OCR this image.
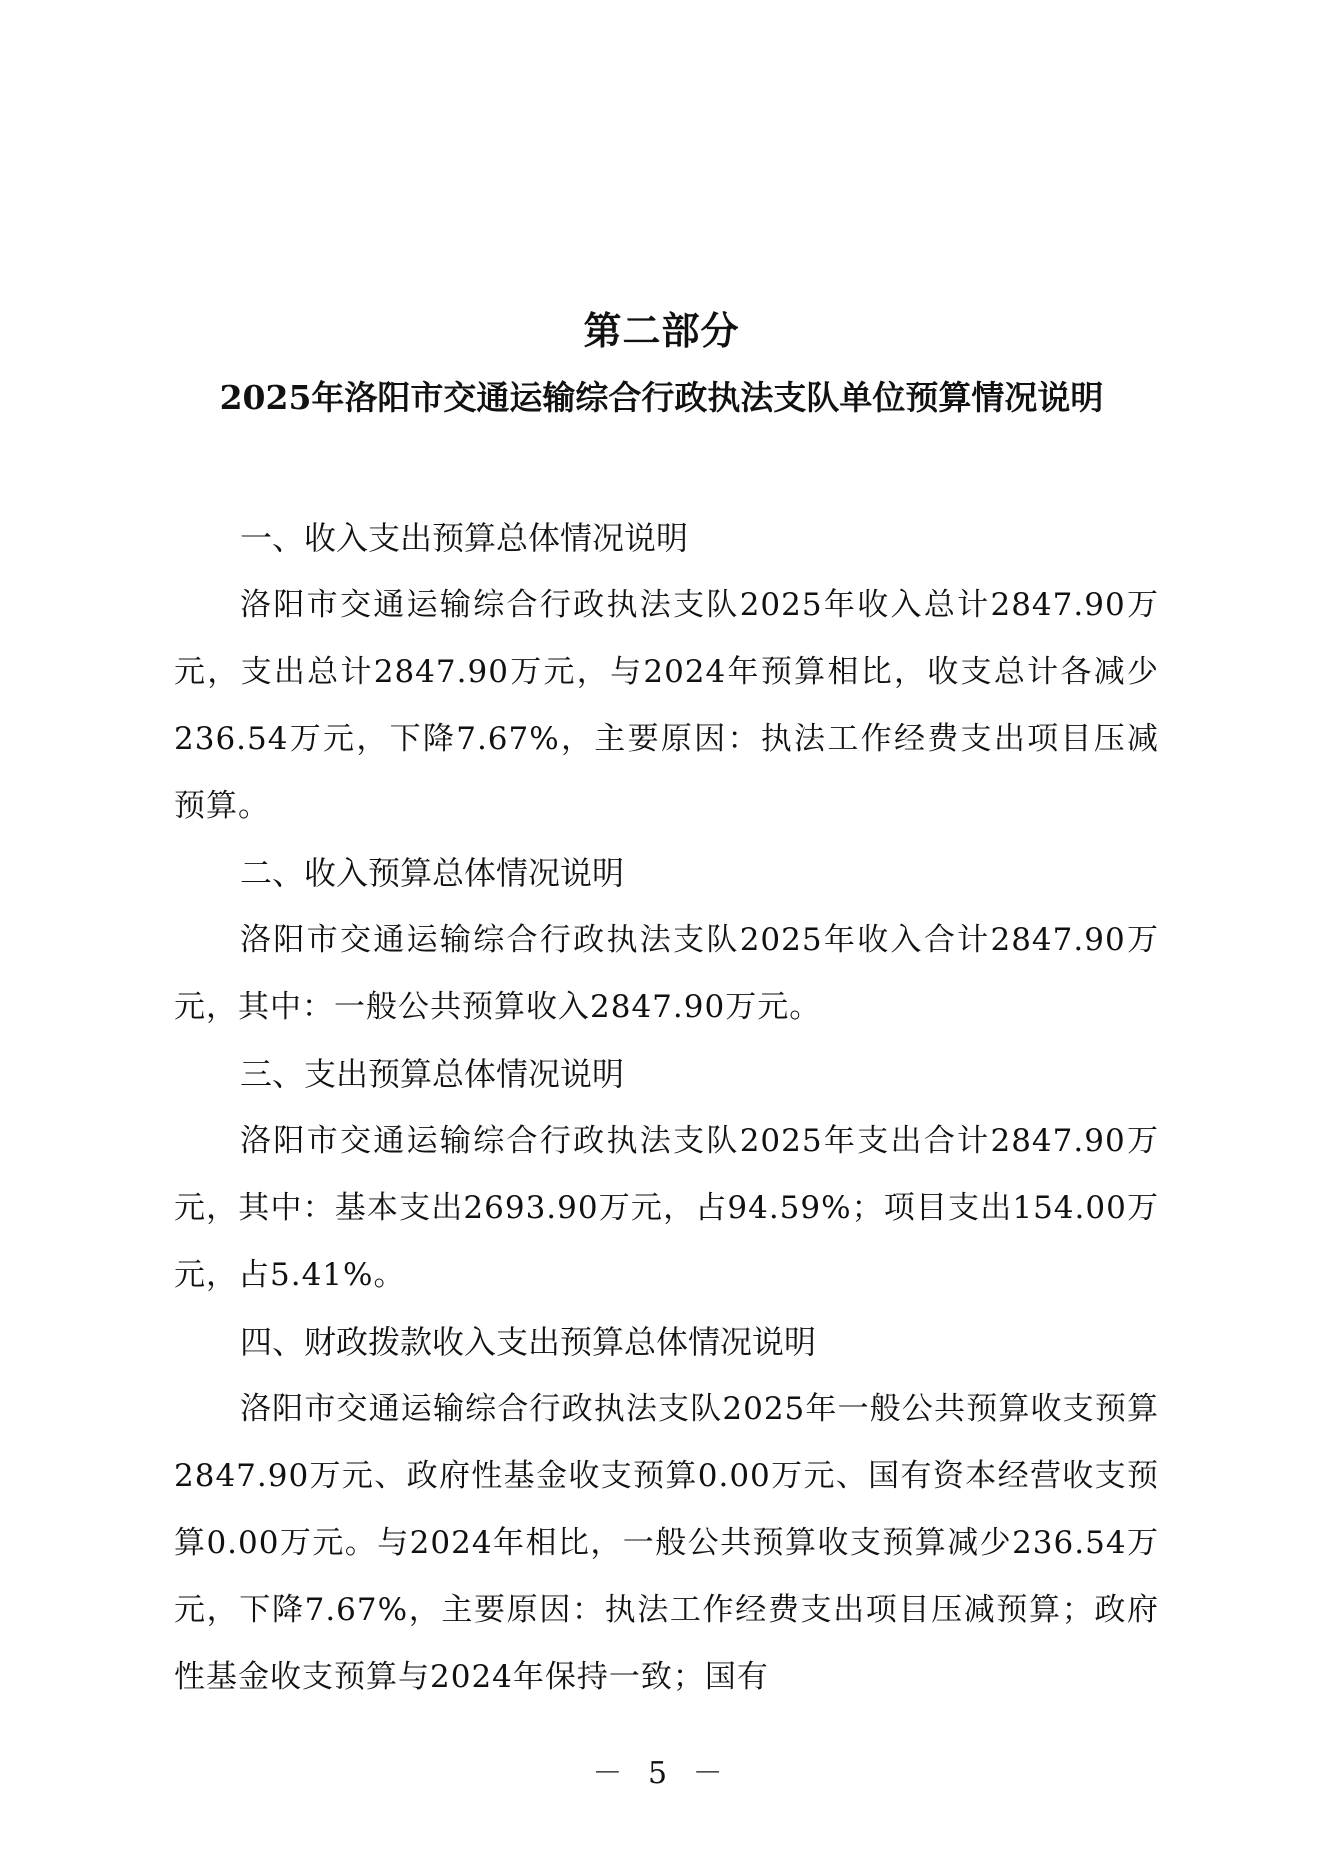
第二部分
2025年洛阳市交通运输综合行政执法支队单位预算情况说明
一、收入支出预算总体情况说明

洛阳市交通运输综合行政执法支队2025年收入总计2847.90万元，支出总计2847.90万元，与2024年预算相比，收支总计各减少236.54万元，下降7.67%，主要原因：执法工作经费支出项目压减预算。

二、收入预算总体情况说明

洛阳市交通运输综合行政执法支队2025年收入合计2847.90万元，其中：一般公共预算收入2847.90万元。

三、支出预算总体情况说明

洛阳市交通运输综合行政执法支队2025年支出合计2847.90万元，其中：基本支出2693.90万元，占94.59%；项目支出154.00万元，占5.41%。

四、财政拨款收入支出预算总体情况说明

洛阳市交通运输综合行政执法支队2025年一般公共预算收支预算2847.90万元、政府性基金收支预算0.00万元、国有资本经营收支预算0.00万元。与2024年相比，一般公共预算收支预算减少236.54万元，下降7.67%，主要原因：执法工作经费支出项目压减预算；政府性基金收支预算与2024年保持一致；国有

－ 5 －
